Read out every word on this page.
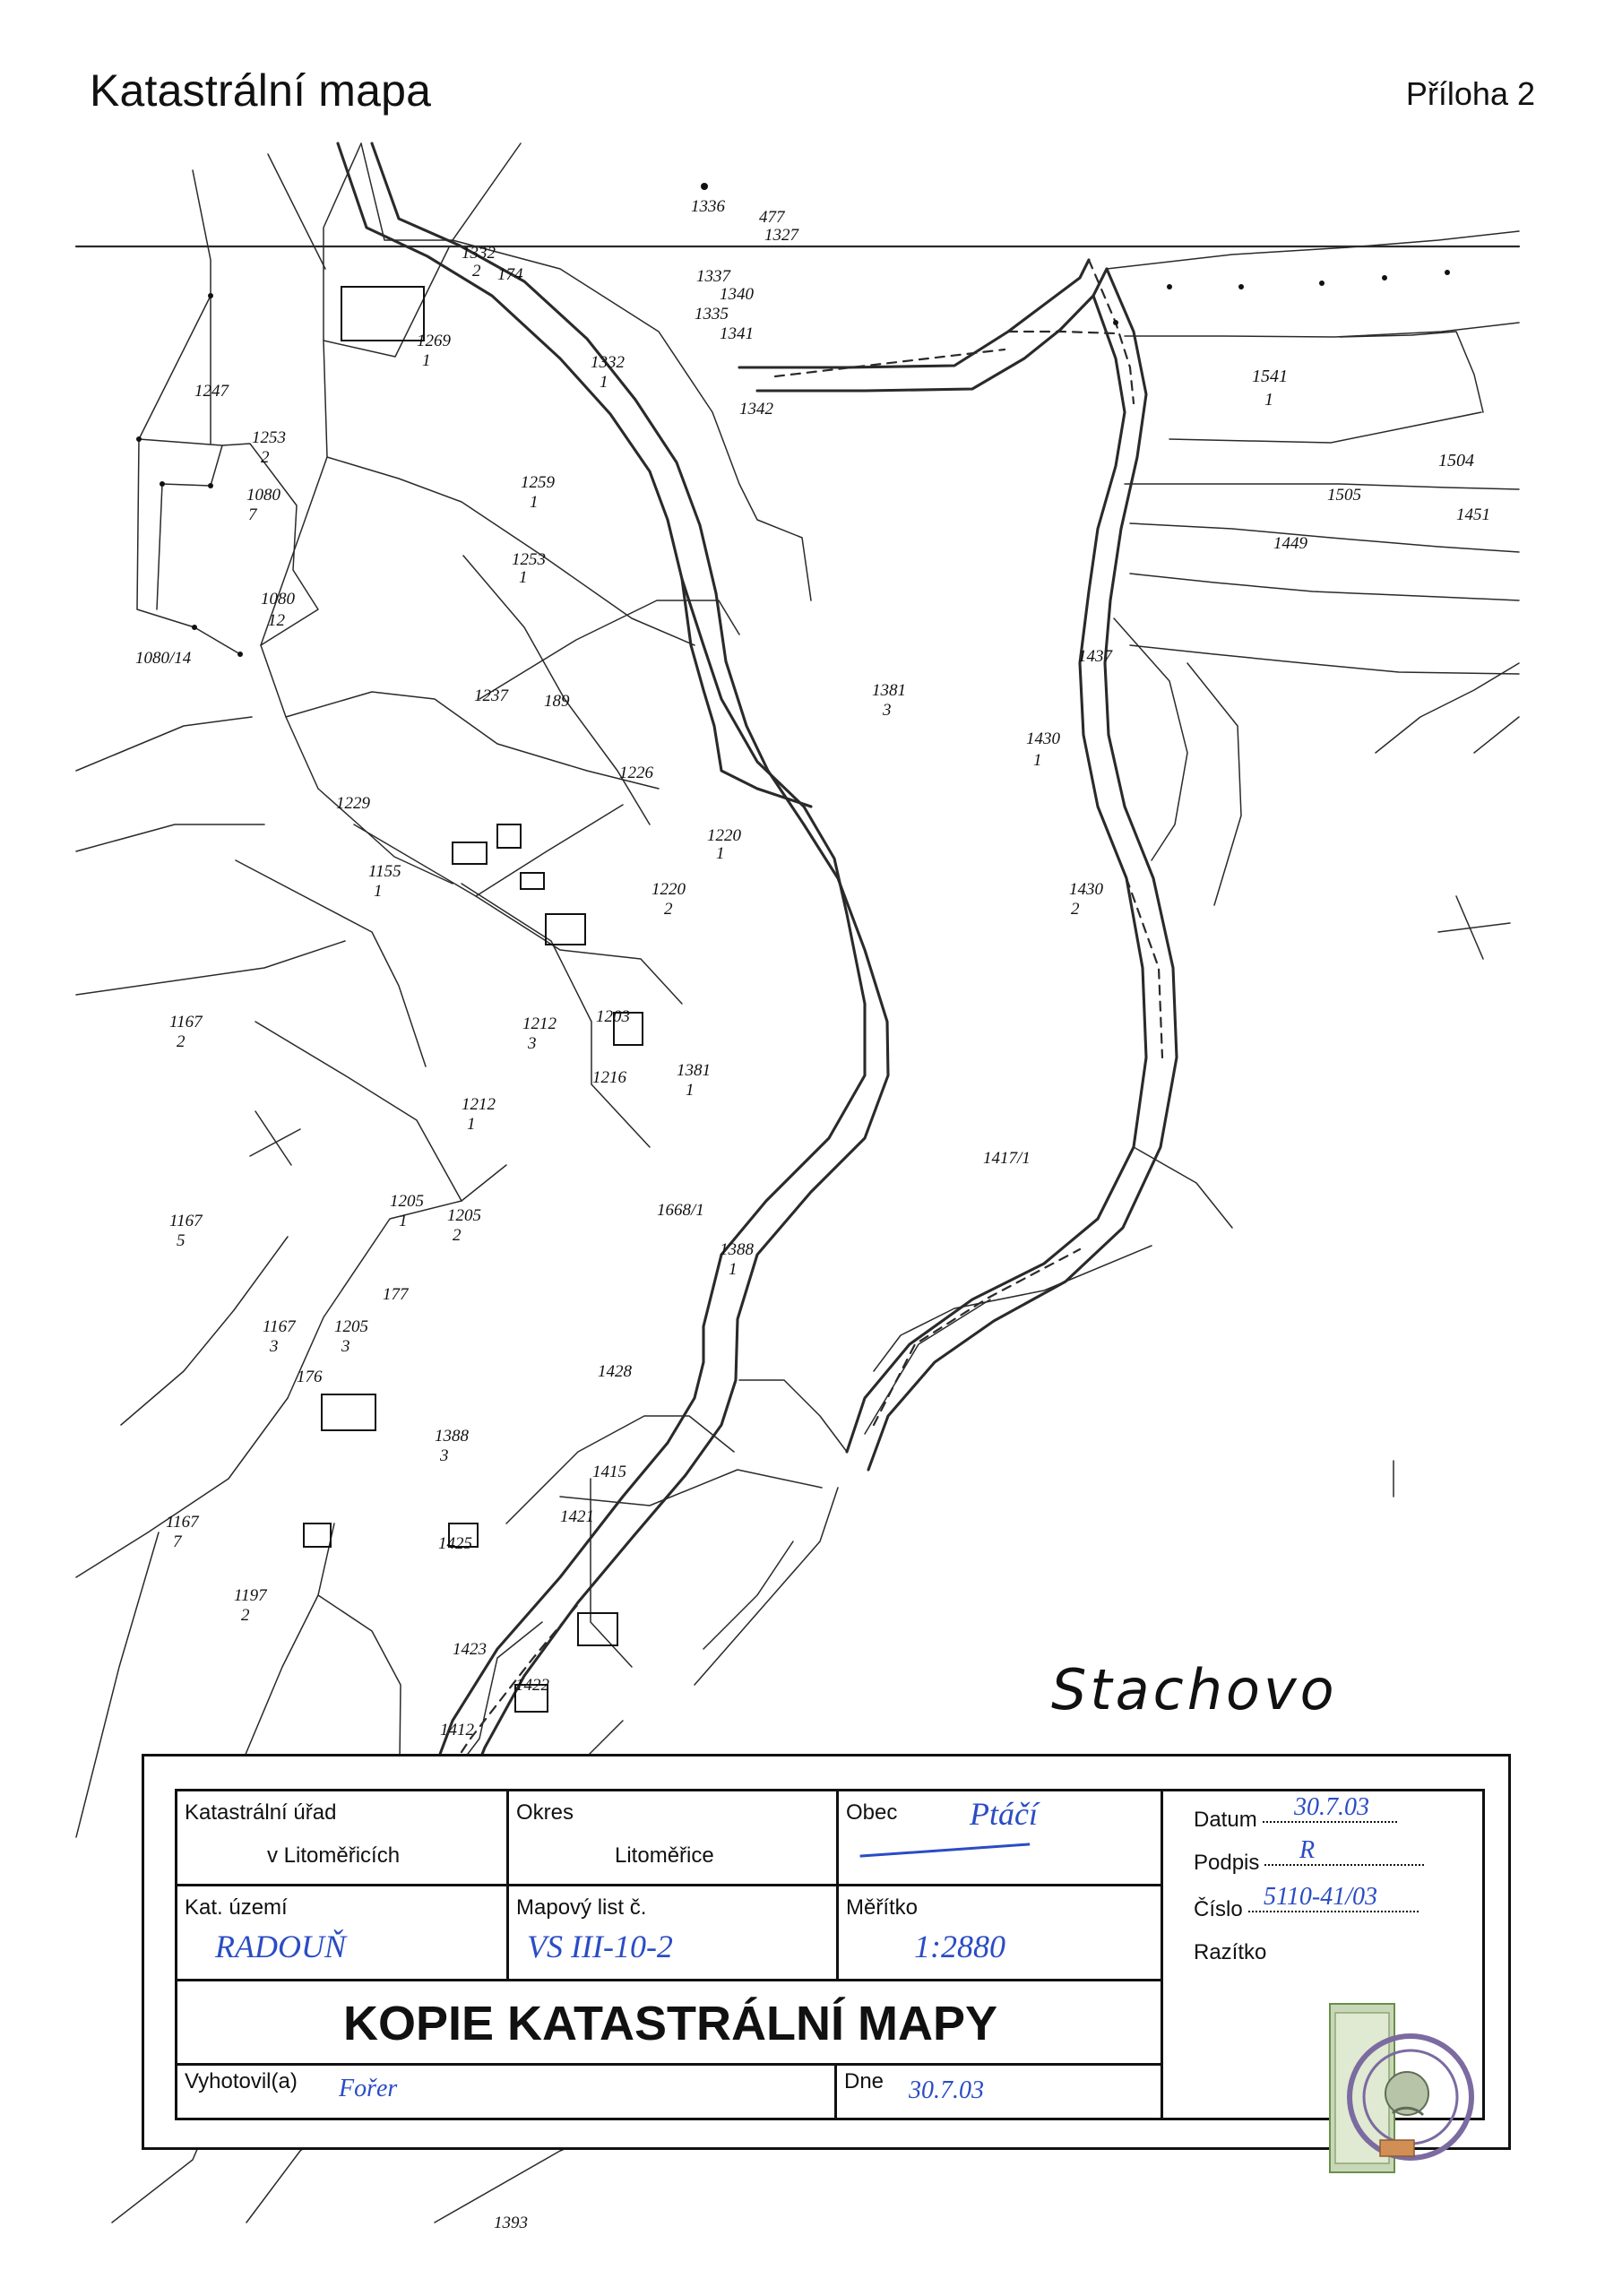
Katastrální mapa	Příloha 2
1336
477
1327
1337
1340
1335
1341
1342
1541
1
1504
1505
1451
1449
1332
2 174
1269
1	1332
1
1247
1253
2
1080
7
1259
1
1253
1
1080
12
1080/14
1237 189
1226
1229
1155
1
1220
1
1220
2
1381
3
1430
1
1437
1430
2
1167
2
1212
3
1203
1216
1212
1
1381
1
1668/1
1388
1
1417/1
1167
5
1205
1 1205
2
177
176
1167
3
1205
3
1428
1388
3
1415
1421
1425
1167
7
1197
2
1423
1422
1412
1393
Stachovo
Katastrální úřad
v Litoměřicích
Okres
Litoměřice
Obec Ptáčí
Kat. území
RADOUŇ
Mapový list č.
VS III-10-2
Měřítko
1:2880
KOPIE KATASTRÁLNÍ MAPY
Vyhotovil(a) Fořer	Dne 30.7.03
Datum	30.7.03
Podpis	R
Číslo 5110-41/03
Razítko
